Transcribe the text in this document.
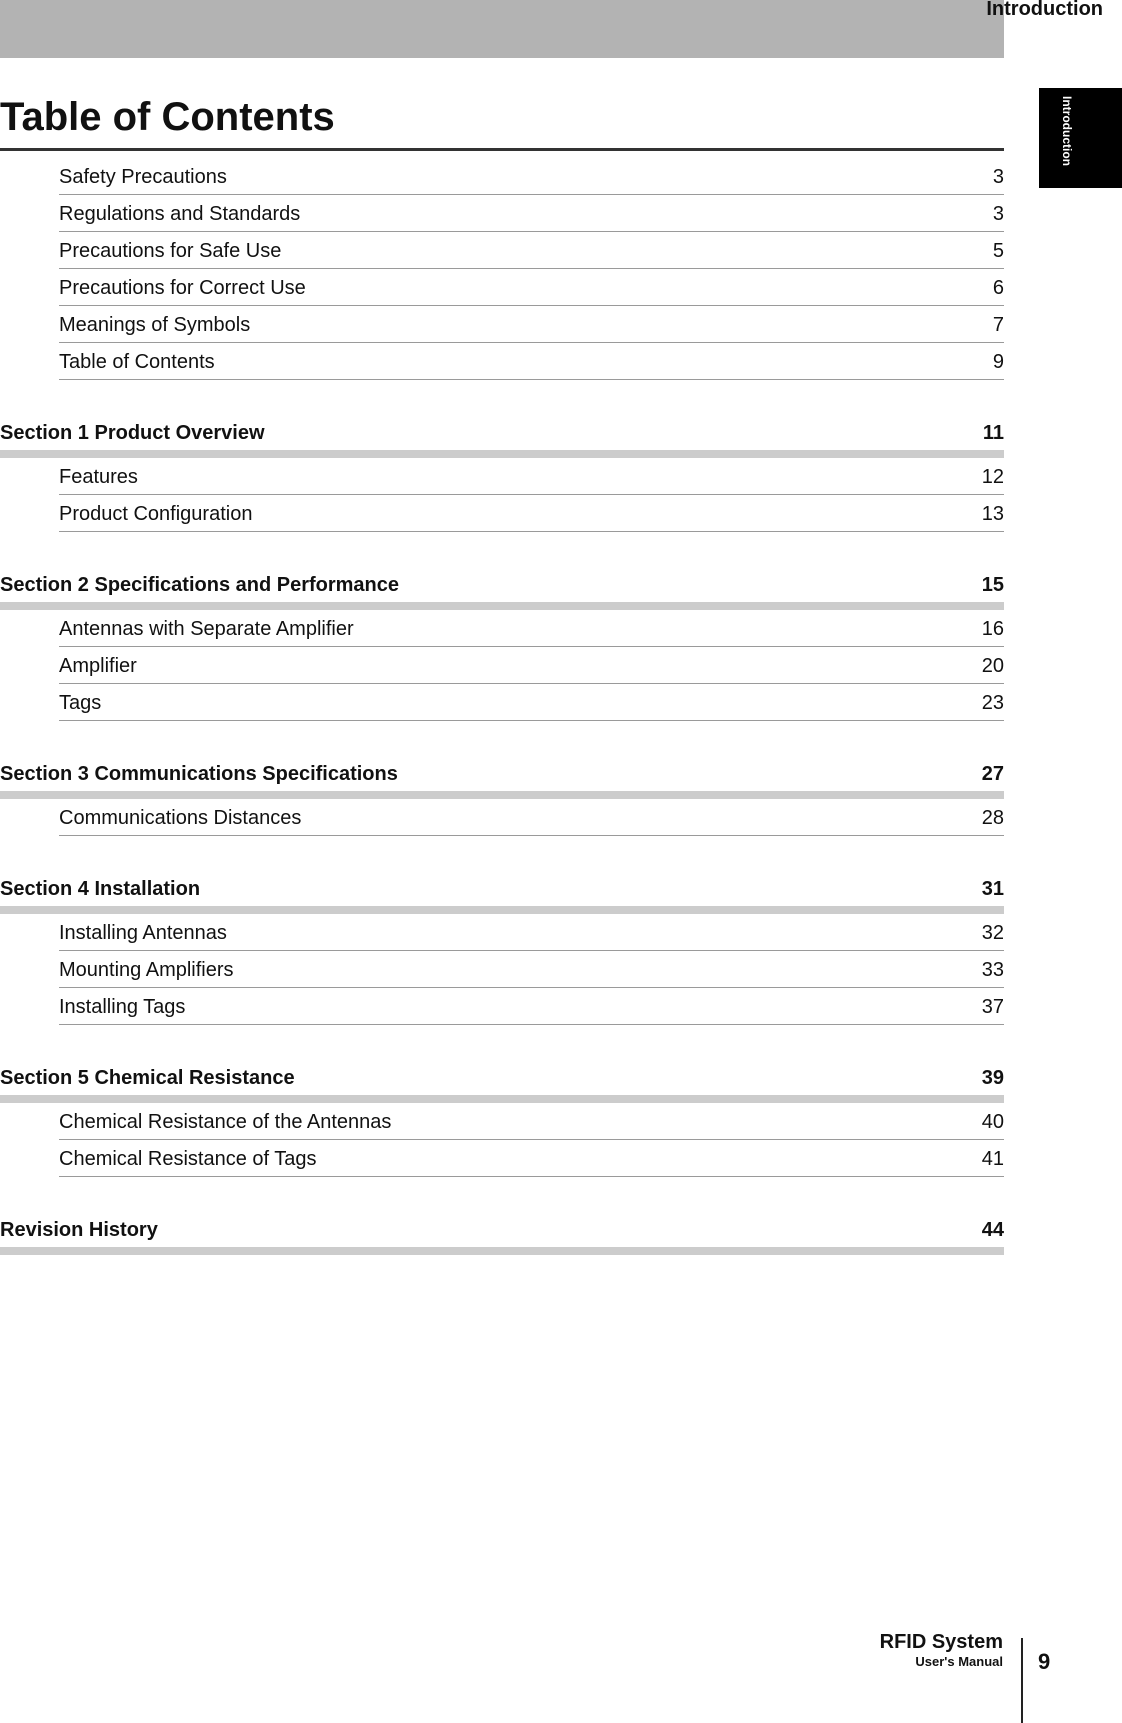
Introduction
Introduction
Table of Contents
Safety Precautions	3
Regulations and Standards	3
Precautions for Safe Use	5
Precautions for Correct Use	6
Meanings of Symbols	7
Table of Contents	9
Section 1 Product Overview	11
Features	12
Product Configuration	13
Section 2 Specifications and Performance	15
Antennas with Separate Amplifier	16
Amplifier	20
Tags	23
Section 3 Communications Specifications	27
Communications Distances	28
Section 4 Installation	31
Installing Antennas	32
Mounting Amplifiers	33
Installing Tags	37
Section 5 Chemical Resistance	39
Chemical Resistance of the Antennas	40
Chemical Resistance of Tags	41
Revision History	44
RFID System
User's Manual 9
